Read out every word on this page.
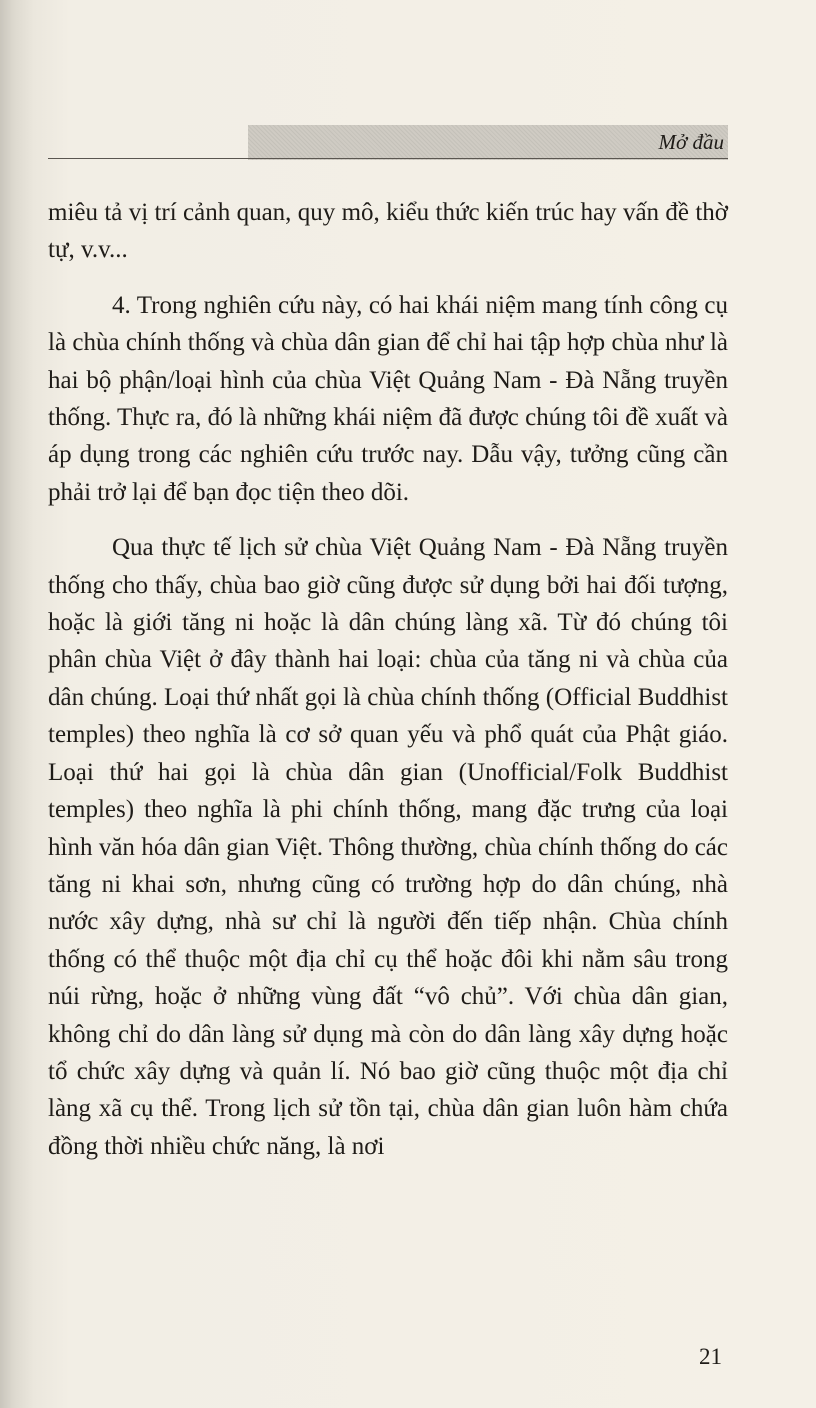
Mở đầu

miêu tả vị trí cảnh quan, quy mô, kiểu thức kiến trúc hay vấn đề thờ tự, v.v...

4. Trong nghiên cứu này, có hai khái niệm mang tính công cụ là chùa chính thống và chùa dân gian để chỉ hai tập hợp chùa như là hai bộ phận/loại hình của chùa Việt Quảng Nam - Đà Nẵng truyền thống. Thực ra, đó là những khái niệm đã được chúng tôi đề xuất và áp dụng trong các nghiên cứu trước nay. Dẫu vậy, tưởng cũng cần phải trở lại để bạn đọc tiện theo dõi.

Qua thực tế lịch sử chùa Việt Quảng Nam - Đà Nẵng truyền thống cho thấy, chùa bao giờ cũng được sử dụng bởi hai đối tượng, hoặc là giới tăng ni hoặc là dân chúng làng xã. Từ đó chúng tôi phân chùa Việt ở đây thành hai loại: chùa của tăng ni và chùa của dân chúng. Loại thứ nhất gọi là chùa chính thống (Official Buddhist temples) theo nghĩa là cơ sở quan yếu và phổ quát của Phật giáo. Loại thứ hai gọi là chùa dân gian (Unofficial/Folk Buddhist temples) theo nghĩa là phi chính thống, mang đặc trưng của loại hình văn hóa dân gian Việt. Thông thường, chùa chính thống do các tăng ni khai sơn, nhưng cũng có trường hợp do dân chúng, nhà nước xây dựng, nhà sư chỉ là người đến tiếp nhận. Chùa chính thống có thể thuộc một địa chỉ cụ thể hoặc đôi khi nằm sâu trong núi rừng, hoặc ở những vùng đất “vô chủ”. Với chùa dân gian, không chỉ do dân làng sử dụng mà còn do dân làng xây dựng hoặc tổ chức xây dựng và quản lí. Nó bao giờ cũng thuộc một địa chỉ làng xã cụ thể. Trong lịch sử tồn tại, chùa dân gian luôn hàm chứa đồng thời nhiều chức năng, là nơi

21
